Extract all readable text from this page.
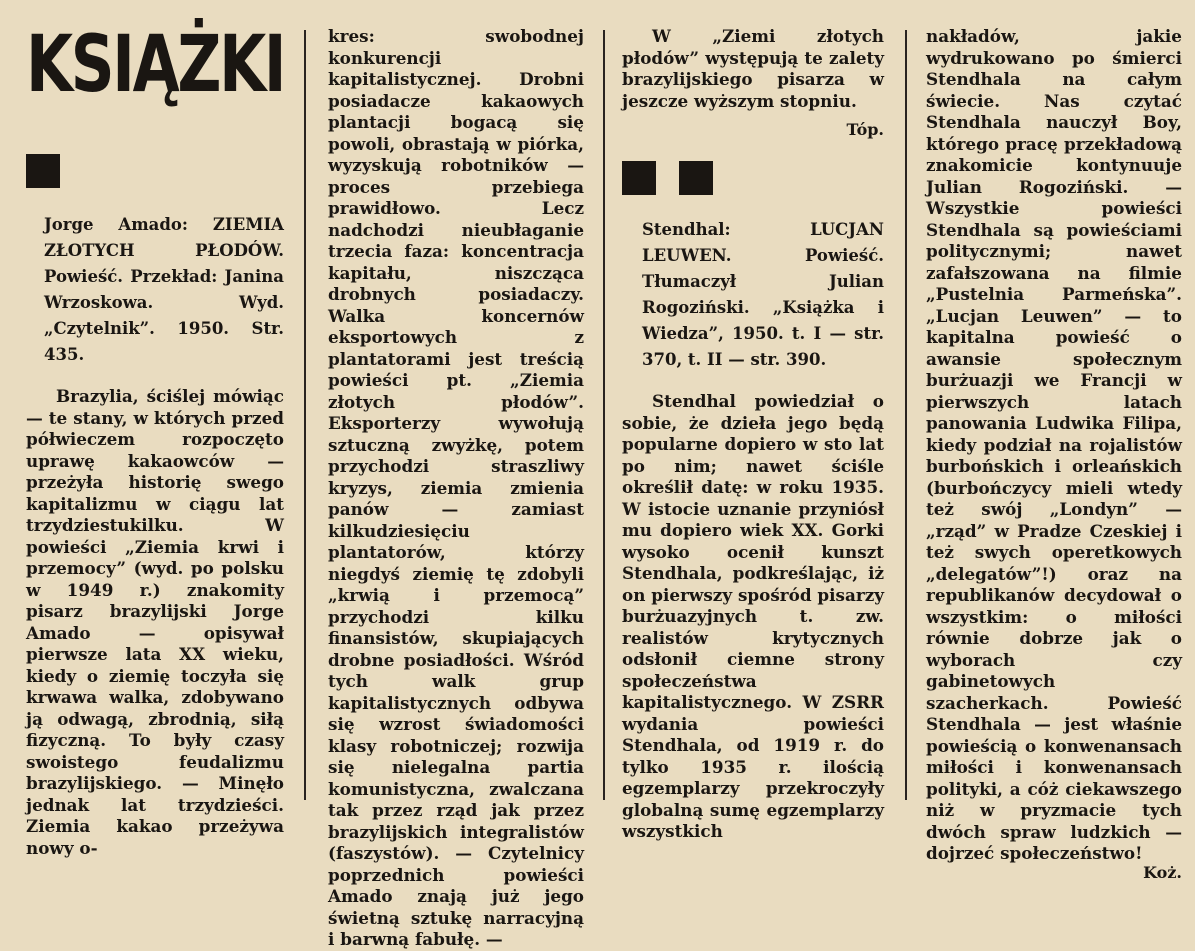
KSIĄŻKI

Jorge Amado: ZIEMIA ZŁOTYCH PŁODÓW. Powieść. Przekład: Janina Wrzoskowa. Wyd. „Czytelnik”. 1950. Str. 435.

Brazylia, ściślej mówiąc — te stany, w których przed półwieczem rozpoczęto uprawę kakaowców — przeżyła historię swego kapitalizmu w ciągu lat trzydziestukilku. W powieści „Ziemia krwi i przemocy” (wyd. po polsku w 1949 r.) znakomity pisarz brazylijski Jorge Amado — opisywał pierwsze lata XX wieku, kiedy o ziemię toczyła się krwawa walka, zdobywano ją odwagą, zbrodnią, siłą fizyczną. To były czasy swoistego feudalizmu brazylijskiego. — Minęło jednak lat trzydzieści. Ziemia kakao przeżywa nowy o-

kres: swobodnej konkurencji kapitalistycznej. Drobni posiadacze kakaowych plantacji bogacą się powoli, obrastają w piórka, wyzyskują robotników — proces przebiega prawidłowo. Lecz nadchodzi nieubłaganie trzecia faza: koncentracja kapitału, niszcząca drobnych posiadaczy. Walka koncernów eksportowych z plantatorami jest treścią powieści pt. „Ziemia złotych płodów”. Eksporterzy wywołują sztuczną zwyżkę, potem przychodzi straszliwy kryzys, ziemia zmienia panów — zamiast kilkudziesięciu plantatorów, którzy niegdyś ziemię tę zdobyli „krwią i przemocą” przychodzi kilku finansistów, skupiających drobne posiadłości. Wśród tych walk grup kapitalistycznych odbywa się wzrost świadomości klasy robotniczej; rozwija się nielegalna partia komunistyczna, zwalczana tak przez rząd jak przez brazylijskich integralistów (faszystów). — Czytelnicy poprzednich powieści Amado znają już jego świetną sztukę narracyjną i barwną fabułę. —

W „Ziemi złotych płodów” występują te zalety brazylijskiego pisarza w jeszcze wyższym stopniu.

Tóp.

Stendhal: LUCJAN LEUWEN. Powieść. Tłumaczył Julian Rogoziński. „Książka i Wiedza”, 1950. t. I — str. 370, t. II — str. 390.

Stendhal powiedział o sobie, że dzieła jego będą popularne dopiero w sto lat po nim; nawet ściśle określił datę: w roku 1935. W istocie uznanie przyniósł mu dopiero wiek XX. Gorki wysoko ocenił kunszt Stendhala, podkreślając, iż on pierwszy spośród pisarzy burżuazyjnych t. zw. realistów krytycznych odsłonił ciemne strony społeczeństwa kapitalistycznego. W ZSRR wydania powieści Stendhala, od 1919 r. do tylko 1935 r. ilością egzemplarzy przekroczyły globalną sumę egzemplarzy wszystkich

nakładów, jakie wydrukowano po śmierci Stendhala na całym świecie. Nas czytać Stendhala nauczył Boy, którego pracę przekładową znakomicie kontynuuje Julian Rogoziński. — Wszystkie powieści Stendhala są powieściami politycznymi; nawet zafałszowana na filmie „Pustelnia Parmeńska”. „Lucjan Leuwen” — to kapitalna powieść o awansie społecznym burżuazji we Francji w pierwszych latach panowania Ludwika Filipa, kiedy podział na rojalistów burbońskich i orleańskich (burbończycy mieli wtedy też swój „Londyn” — „rząd” w Pradze Czeskiej i też swych operetkowych „delegatów”!) oraz na republikanów decydował o wszystkim: o miłości równie dobrze jak o wyborach czy gabinetowych szacherkach. Powieść Stendhala — jest właśnie powieścią o konwenansach miłości i konwenansach polityki, a cóż ciekawszego niż w pryzmacie tych dwóch spraw ludzkich — dojrzeć społeczeństwo!

Koż.
